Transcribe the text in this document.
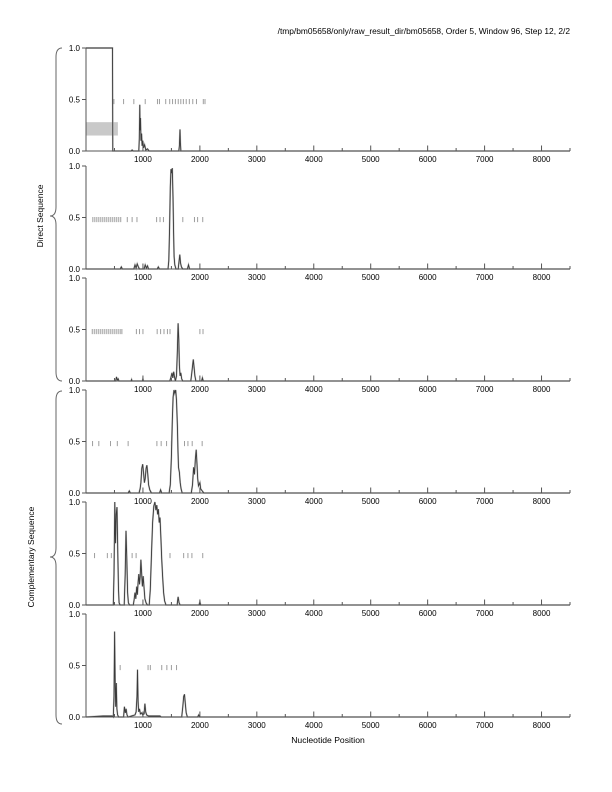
0.0
0.5
1.0
1000	2000	3000	4000	5000	6000	7000	8000
0.0
0.5
1.0
1000	2000	3000	4000	5000	6000	7000	8000
0.0
0.5
1.0
1000	2000	3000	4000	5000	6000	7000	8000
0.0
0.5
1.0
1000	2000	3000	4000	5000	6000	7000	8000
0.0
0.5
1.0
1000	2000	3000	4000	5000	6000	7000	8000
0.0
0.5
1.0
1000	2000	3000	4000	5000	6000	7000	8000
/tmp/bm05658/only/raw_result_dir/bm05658, Order 5, Window 96, Step 12, 2/2
Direct Sequence
Complementary Sequence
Nucleotide Position
